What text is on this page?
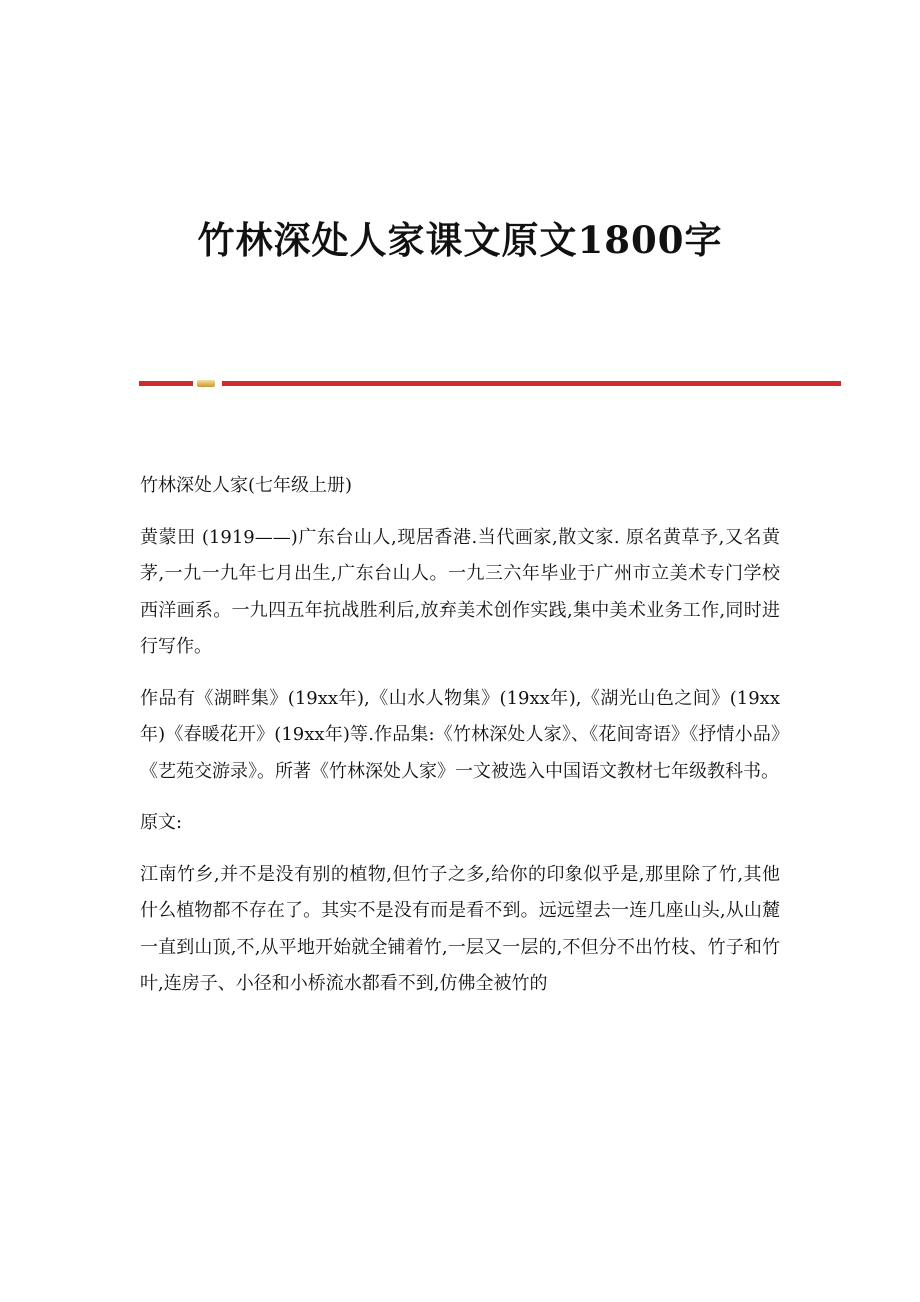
竹林深处人家课文原文1800字

竹林深处人家(七年级上册)

黄蒙田 (1919——)广东台山人,现居香港.当代画家,散文家. 原名黄草予,又名黄茅,一九一九年七月出生,广东台山人。一九三六年毕业于广州市立美术专门学校西洋画系。一九四五年抗战胜利后,放弃美术创作实践,集中美术业务工作,同时进行写作。

作品有《湖畔集》(19xx年),《山水人物集》(19xx年),《湖光山色之间》(19xx年)《春暖花开》(19xx年)等.作品集:《竹林深处人家》、《花间寄语》《抒情小品》《艺苑交游录》。所著《竹林深处人家》一文被选入中国语文教材七年级教科书。

原文:

江南竹乡,并不是没有别的植物,但竹子之多,给你的印象似乎是,那里除了竹,其他什么植物都不存在了。其实不是没有而是看不到。远远望去一连几座山头,从山麓一直到山顶,不,从平地开始就全铺着竹,一层又一层的,不但分不出竹枝、竹子和竹叶,连房子、小径和小桥流水都看不到,仿佛全被竹的
